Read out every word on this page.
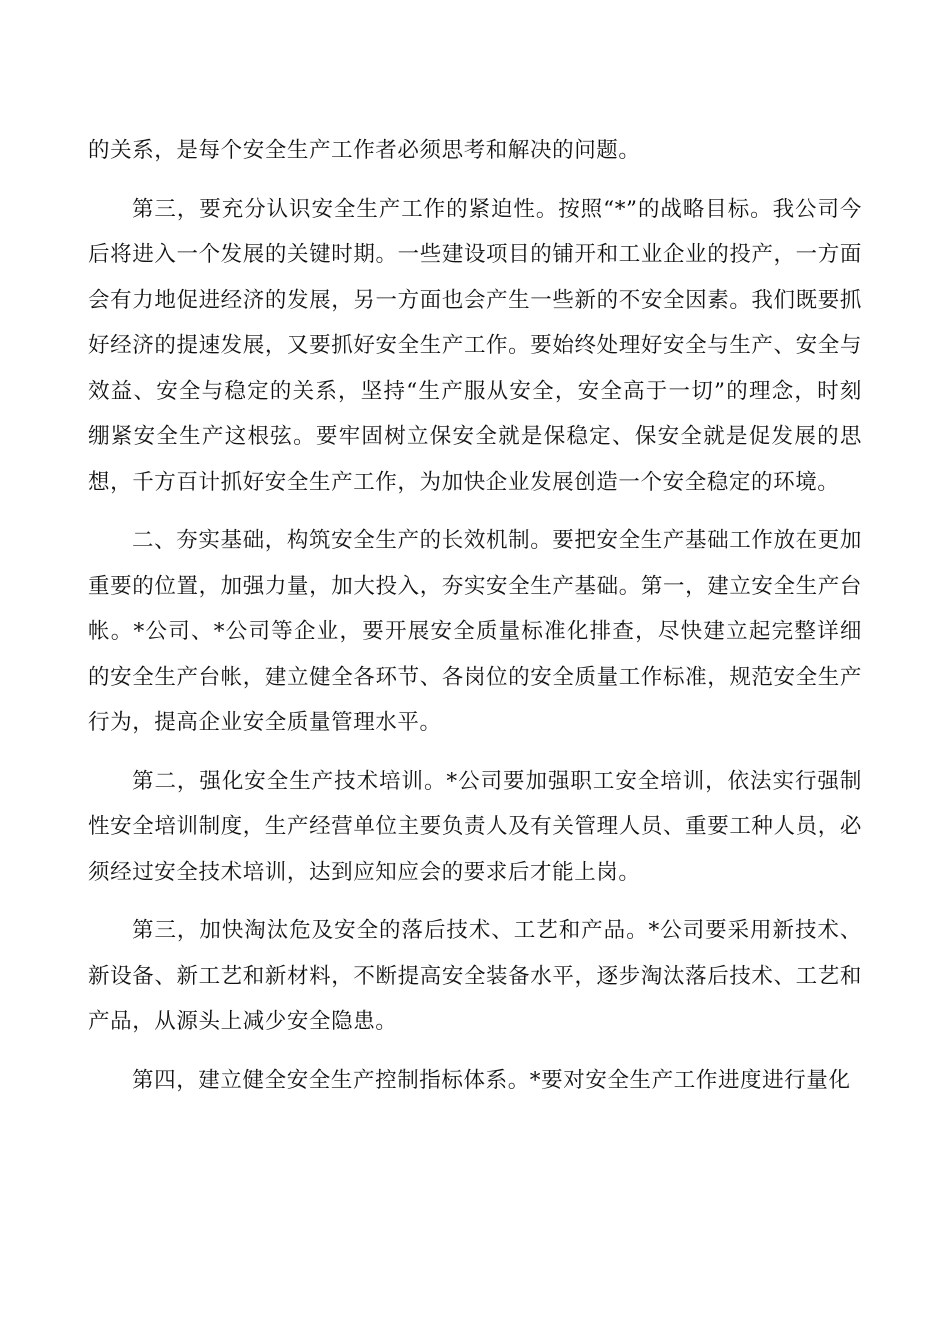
的关系，是每个安全生产工作者必须思考和解决的问题。

第三，要充分认识安全生产工作的紧迫性。按照“*”的战略目标。我公司今后将进入一个发展的关键时期。一些建设项目的铺开和工业企业的投产，一方面会有力地促进经济的发展，另一方面也会产生一些新的不安全因素。我们既要抓好经济的提速发展，又要抓好安全生产工作。要始终处理好安全与生产、安全与效益、安全与稳定的关系，坚持“生产服从安全，安全高于一切”的理念，时刻绷紧安全生产这根弦。要牢固树立保安全就是保稳定、保安全就是促发展的思想，千方百计抓好安全生产工作，为加快企业发展创造一个安全稳定的环境。

二、夯实基础，构筑安全生产的长效机制。要把安全生产基础工作放在更加重要的位置，加强力量，加大投入，夯实安全生产基础。第一，建立安全生产台帐。*公司、*公司等企业，要开展安全质量标准化排查，尽快建立起完整详细的安全生产台帐，建立健全各环节、各岗位的安全质量工作标准，规范安全生产行为，提高企业安全质量管理水平。

第二，强化安全生产技术培训。*公司要加强职工安全培训，依法实行强制性安全培训制度，生产经营单位主要负责人及有关管理人员、重要工种人员，必须经过安全技术培训，达到应知应会的要求后才能上岗。

第三，加快淘汰危及安全的落后技术、工艺和产品。*公司要采用新技术、新设备、新工艺和新材料，不断提高安全装备水平，逐步淘汰落后技术、工艺和产品，从源头上减少安全隐患。

第四，建立健全安全生产控制指标体系。*要对安全生产工作进度进行量化
